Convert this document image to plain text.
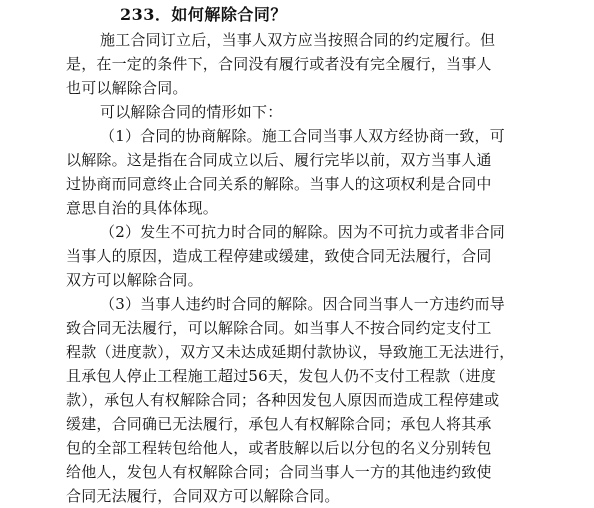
233．如何解除合同？
施工合同订立后，当事人双方应当按照合同的约定履行。但
是，在一定的条件下，合同没有履行或者没有完全履行，当事人
也可以解除合同。
可以解除合同的情形如下：
（1）合同的协商解除。施工合同当事人双方经协商一致，可
以解除。这是指在合同成立以后、履行完毕以前，双方当事人通
过协商而同意终止合同关系的解除。当事人的这项权利是合同中
意思自治的具体体现。
（2）发生不可抗力时合同的解除。因为不可抗力或者非合同
当事人的原因，造成工程停建或缓建，致使合同无法履行，合同
双方可以解除合同。
（3）当事人违约时合同的解除。因合同当事人一方违约而导
致合同无法履行，可以解除合同。如当事人不按合同约定支付工
程款（进度款），双方又未达成延期付款协议，导致施工无法进行，
且承包人停止工程施工超过56天，发包人仍不支付工程款（进度
款），承包人有权解除合同；各种因发包人原因而造成工程停建或
缓建，合同确已无法履行，承包人有权解除合同；承包人将其承
包的全部工程转包给他人，或者肢解以后以分包的名义分别转包
给他人，发包人有权解除合同；合同当事人一方的其他违约致使
合同无法履行，合同双方可以解除合同。
